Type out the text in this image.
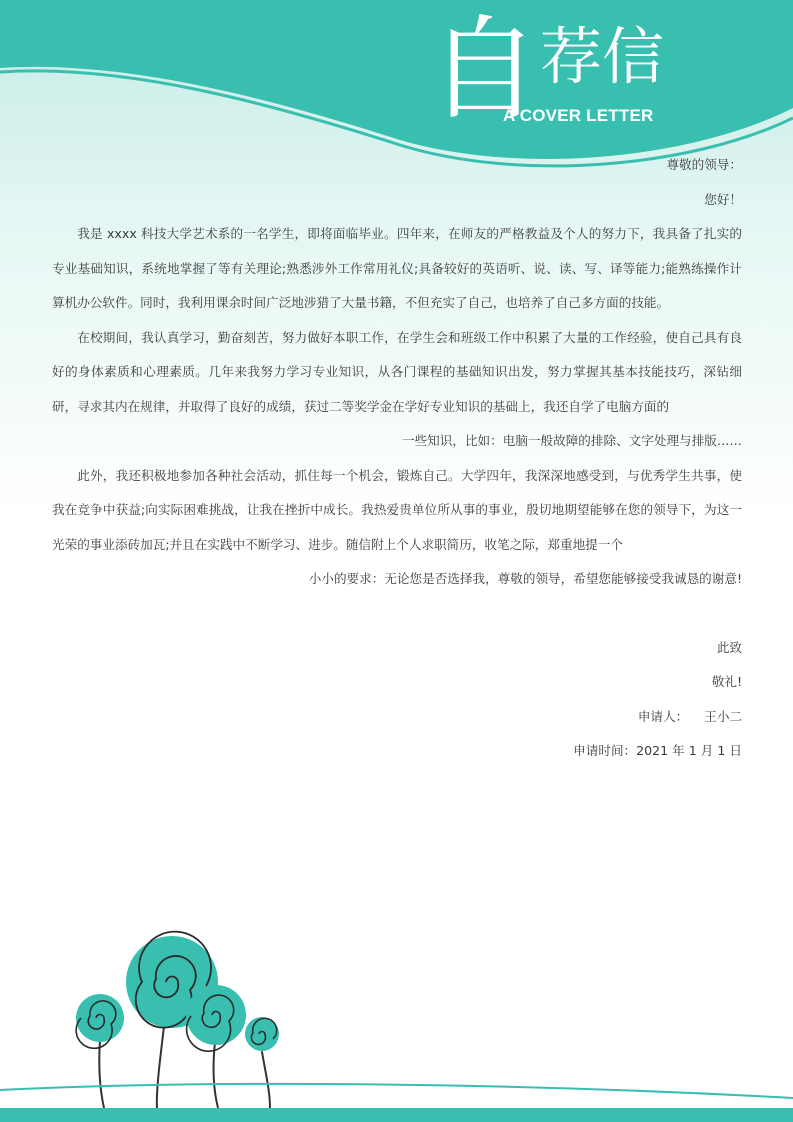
自荐信
A COVER LETTER

尊敬的领导：

您好！

我是 xxxx 科技大学艺术系的一名学生，即将面临毕业。四年来，在师友的严格教益及个人的努力下，我具备了扎实的专业基础知识，系统地掌握了等有关理论;熟悉涉外工作常用礼仪;具备较好的英语听、说、读、写、译等能力;能熟练操作计算机办公软件。同时，我利用课余时间广泛地涉猎了大量书籍，不但充实了自己，也培养了自己多方面的技能。

在校期间，我认真学习，勤奋刻苦，努力做好本职工作，在学生会和班级工作中积累了大量的工作经验，使自己具有良好的身体素质和心理素质。几年来我努力学习专业知识，从各门课程的基础知识出发，努力掌握其基本技能技巧，深钻细研，寻求其内在规律，并取得了良好的成绩，获过二等奖学金在学好专业知识的基础上，我还自学了电脑方面的

一些知识，比如：电脑一般故障的排除、文字处理与排版……

此外，我还积极地参加各种社会活动，抓住每一个机会，锻炼自己。大学四年，我深深地感受到，与优秀学生共事，使我在竞争中获益;向实际困难挑战，让我在挫折中成长。我热爱贵单位所从事的事业，殷切地期望能够在您的领导下，为这一光荣的事业添砖加瓦;并且在实践中不断学习、进步。随信附上个人求职简历，收笔之际，郑重地提一个

小小的要求：无论您是否选择我，尊敬的领导，希望您能够接受我诚恳的谢意!

此致

敬礼!

申请人： 王小二

申请时间：2021 年 1 月 1 日
